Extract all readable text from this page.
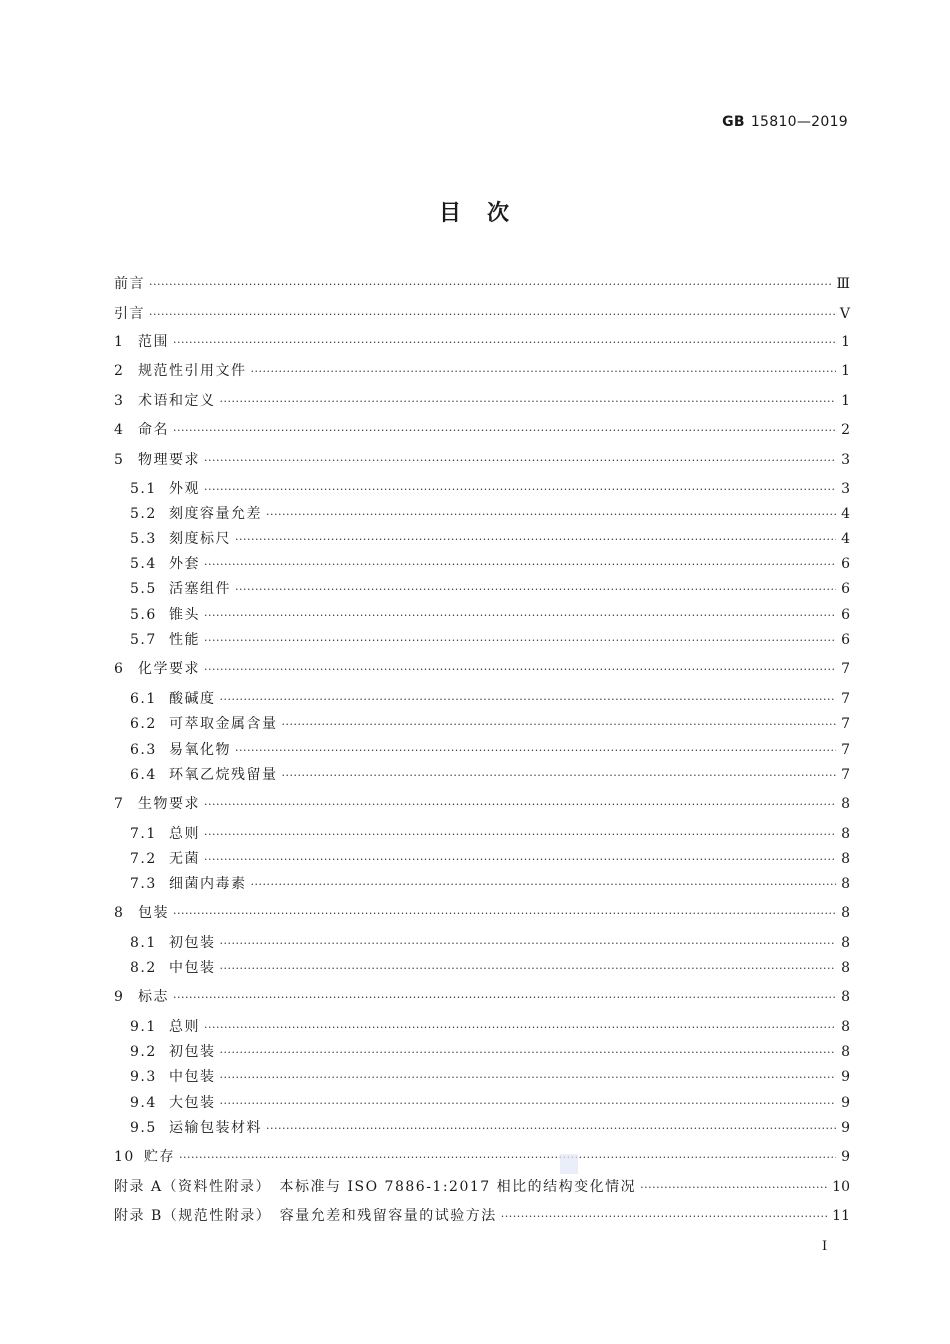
GB 15810—2019
目　次
前言 ·····	Ⅲ
引言 ·····	Ⅴ
1 范围 ·····	1
2 规范性引用文件 ·····	1
3 术语和定义 ·····	1
4 命名 ·····	2
5 物理要求 ·····	3
5.1 外观 ·····	3
5.2 刻度容量允差 ·····	4
5.3 刻度标尺 ·····	4
5.4 外套 ·····	6
5.5 活塞组件 ·····	6
5.6 锥头 ·····	6
5.7 性能 ·····	6
6 化学要求 ·····	7
6.1 酸碱度 ·····	7
6.2 可萃取金属含量 ·····	7
6.3 易氧化物 ·····	7
6.4 环氧乙烷残留量 ·····	7
7 生物要求 ·····	8
7.1 总则 ·····	8
7.2 无菌 ·····	8
7.3 细菌内毒素 ·····	8
8 包装 ·····	8
8.1 初包装 ·····	8
8.2 中包装 ·····	8
9 标志 ·····	8
9.1 总则 ·····	8
9.2 初包装 ·····	8
9.3 中包装 ·····	9
9.4 大包装 ·····	9
9.5 运输包装材料 ·····	9
10 贮存 ·····	9
附录 A（资料性附录）　本标准与 ISO 7886-1:2017 相比的结构变化情况 ·····	10
附录 B（规范性附录）　容量允差和残留容量的试验方法 ·····	11
Ⅰ
